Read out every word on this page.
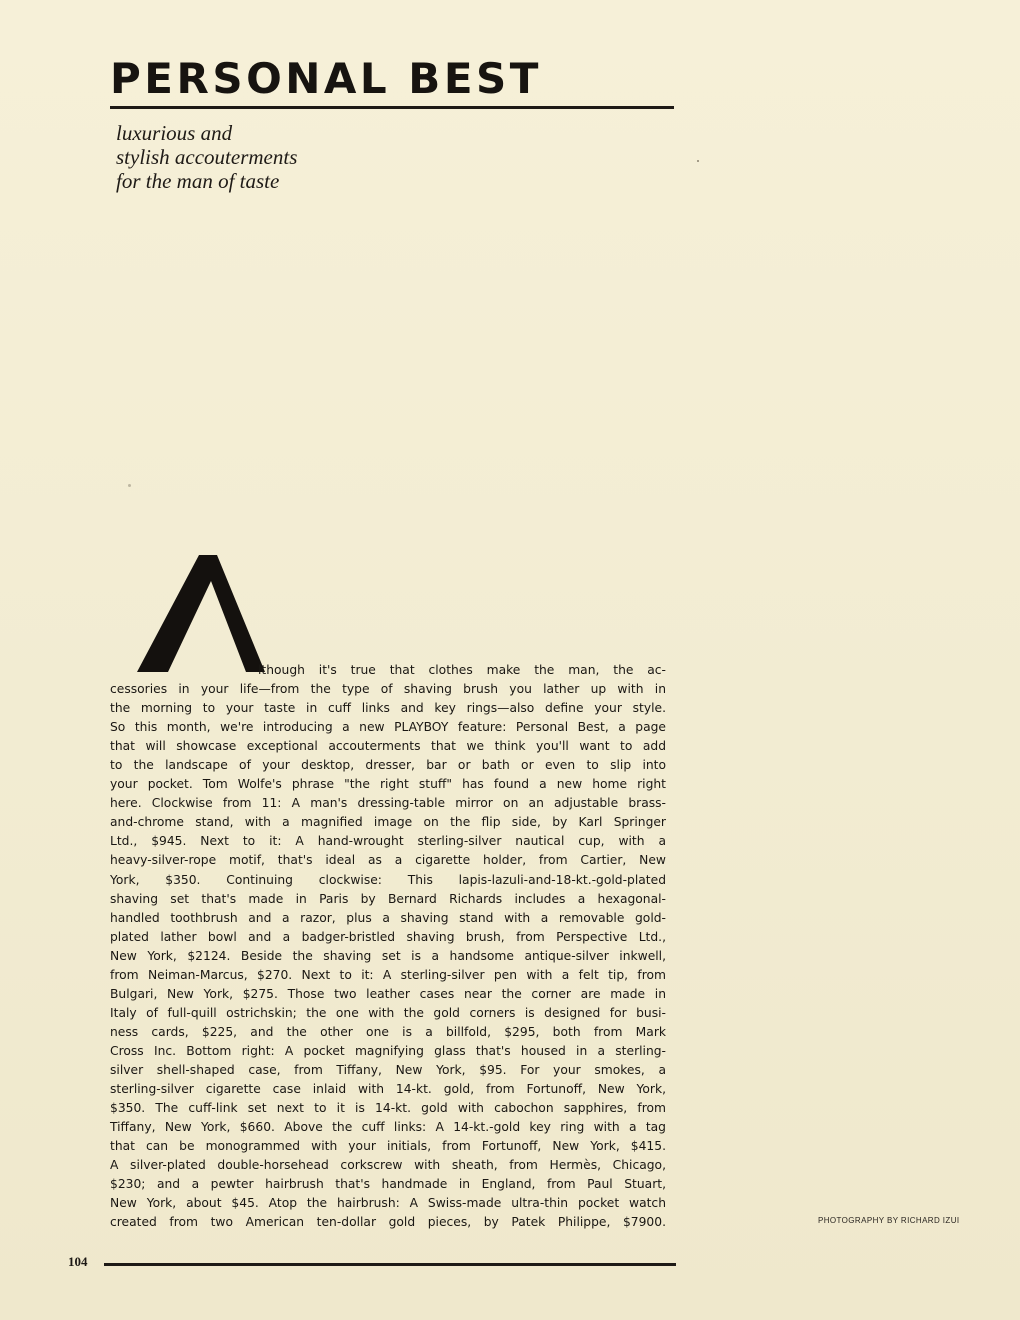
PERSONAL BEST
luxurious and
stylish accouterments
for the man of taste
lthough it's true that clothes make the man, the ac-
cessories in your life—from the type of shaving brush you lather up with in
the morning to your taste in cuff links and key rings—also define your style.
So this month, we're introducing a new PLAYBOY feature: Personal Best, a page
that will showcase exceptional accouterments that we think you'll want to add
to the landscape of your desktop, dresser, bar or bath or even to slip into
your pocket. Tom Wolfe's phrase "the right stuff" has found a new home right
here. Clockwise from 11: A man's dressing-table mirror on an adjustable brass-
and-chrome stand, with a magnified image on the flip side, by Karl Springer
Ltd., $945. Next to it: A hand-wrought sterling-silver nautical cup, with a
heavy-silver-rope motif, that's ideal as a cigarette holder, from Cartier, New
York, $350. Continuing clockwise: This lapis-lazuli-and-18-kt.-gold-plated
shaving set that's made in Paris by Bernard Richards includes a hexagonal-
handled toothbrush and a razor, plus a shaving stand with a removable gold-
plated lather bowl and a badger-bristled shaving brush, from Perspective Ltd.,
New York, $2124. Beside the shaving set is a handsome antique-silver inkwell,
from Neiman-Marcus, $270. Next to it: A sterling-silver pen with a felt tip, from
Bulgari, New York, $275. Those two leather cases near the corner are made in
Italy of full-quill ostrichskin; the one with the gold corners is designed for busi-
ness cards, $225, and the other one is a billfold, $295, both from Mark
Cross Inc. Bottom right: A pocket magnifying glass that's housed in a sterling-
silver shell-shaped case, from Tiffany, New York, $95. For your smokes, a
sterling-silver cigarette case inlaid with 14-kt. gold, from Fortunoff, New York,
$350. The cuff-link set next to it is 14-kt. gold with cabochon sapphires, from
Tiffany, New York, $660. Above the cuff links: A 14-kt.-gold key ring with a tag
that can be monogrammed with your initials, from Fortunoff, New York, $415.
A silver-plated double-horsehead corkscrew with sheath, from Hermès, Chicago,
$230; and a pewter hairbrush that's handmade in England, from Paul Stuart,
New York, about $45. Atop the hairbrush: A Swiss-made ultra-thin pocket watch
created from two American ten-dollar gold pieces, by Patek Philippe, $7900.	PHOTOGRAPHY BY RICHARD IZUI
104
